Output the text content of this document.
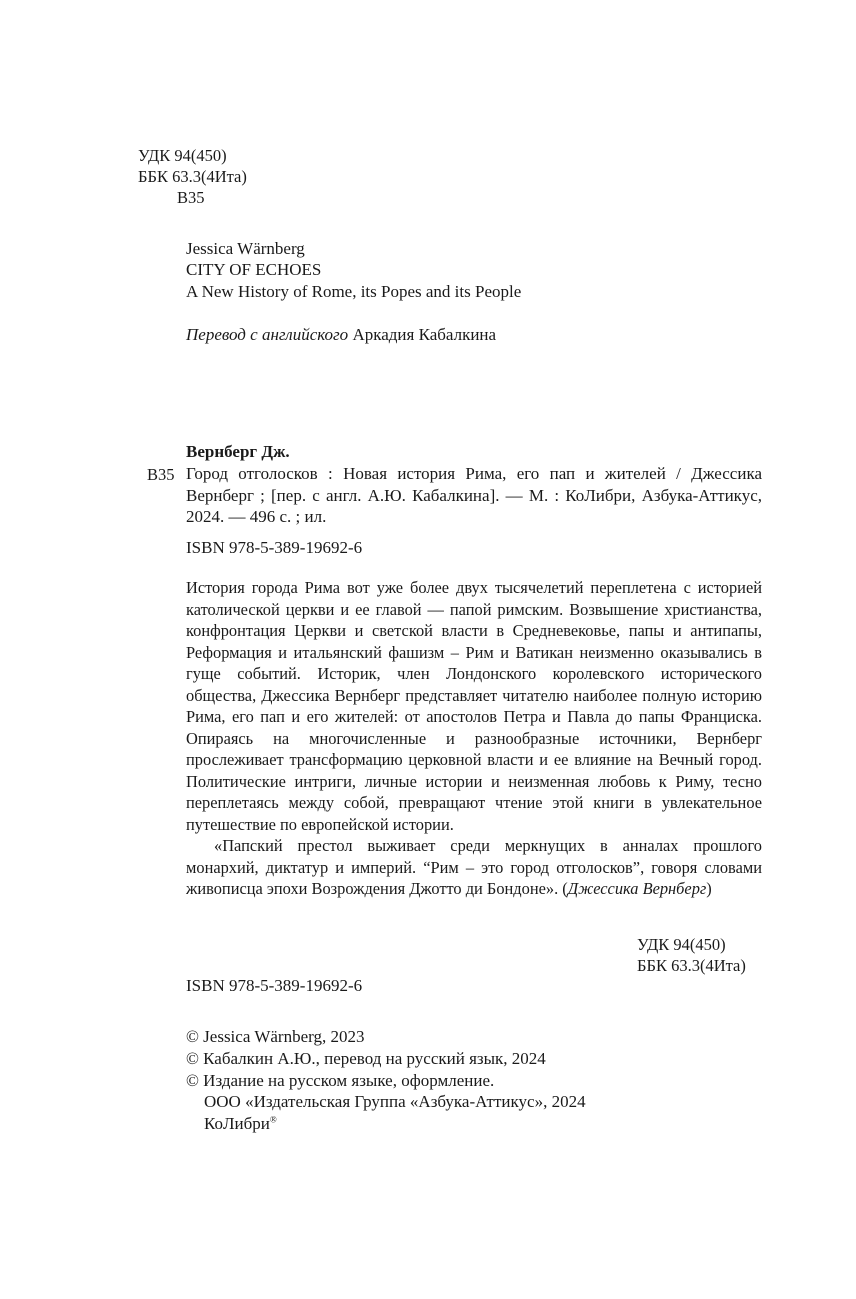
УДК 94(450)
ББК 63.3(4Ита)
В35
Jessica Wärnberg
CITY OF ECHOES
A New History of Rome, its Popes and its People
Перевод с английского Аркадия Кабалкина
Вернберг Дж.
В35 Город отголосков : Новая история Рима, его пап и жителей / Джессика Вернберг ; [пер. с англ. А.Ю. Кабалкина]. — М. : КоЛибри, Азбука-Аттикус, 2024. — 496 с. ; ил.
ISBN 978-5-389-19692-6

История города Рима вот уже более двух тысячелетий переплетена с историей католической церкви и ее главой — папой римским. Возвышение христианства, конфронтация Церкви и светской власти в Средневековье, папы и антипапы, Реформация и итальянский фашизм – Рим и Ватикан неизменно оказывались в гуще событий. Историк, член Лондонского королевского исторического общества, Джессика Вернберг представляет читателю наиболее полную историю Рима, его пап и его жителей: от апостолов Петра и Павла до папы Франциска. Опираясь на многочисленные и разнообразные источники, Вернберг прослеживает трансформацию церковной власти и ее влияние на Вечный город. Политические интриги, личные истории и неизменная любовь к Риму, тесно переплетаясь между собой, превращают чтение этой книги в увлекательное путешествие по европейской истории.

«Папский престол выживает среди меркнущих в анналах прошлого монархий, диктатур и империй. “Рим – это город отголосков”, говоря словами живописца эпохи Возрождения Джотто ди Бондоне». (Джессика Вернберг)

УДК 94(450)
ББК 63.3(4Ита)
ISBN 978-5-389-19692-6
© Jessica Wärnberg, 2023
© Кабалкин А.Ю., перевод на русский язык, 2024
© Издание на русском языке, оформление.
ООО «Издательская Группа «Азбука-Аттикус», 2024
КоЛибри®
